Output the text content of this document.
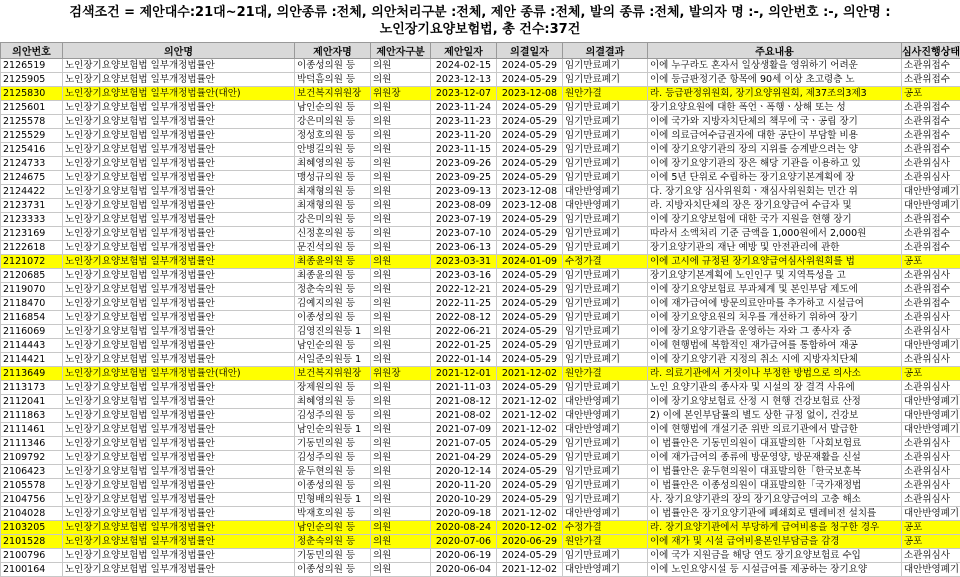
검색조건 = 제안대수:21대~21대, 의안종류 :전체, 의안처리구분 :전체, 제안 종류 :전체, 발의 종류 :전체, 발의자 명 :-, 의안번호 :-, 의안명 :
노인장기요양보험법, 총 건수:37건
의안번호	의안명	제안자명	제안자구분	제안일자	의결일자	의결결과	주요내용	심사진행상태
2126519	노인장기요양보험법 일부개정법률안	이종성의원 등	의원	2024-02-15	2024-05-29	임기만료폐기	이에 누구라도 혼자서 일상생활을 영위하기 어려운	소관위접수
2125905	노인장기요양보험법 일부개정법률안	박덕흠의원 등	의원	2023-12-13	2024-05-29	임기만료폐기	이에 등급판정기준 항목에 90세 이상 초고령층 노	소관위접수
2125830	노인장기요양보험법 일부개정법률안(대안)	보건복지위원장	위원장	2023-12-07	2023-12-08	원안가결	라. 등급판정위원회, 장기요양위원회, 제37조의3제3	공포
2125601	노인장기요양보험법 일부개정법률안	남인순의원 등	의원	2023-11-24	2024-05-29	임기만료폐기	장기요양요원에 대한 폭언ㆍ폭행ㆍ상해 또는 성	소관위접수
2125578	노인장기요양보험법 일부개정법률안	강은미의원 등	의원	2023-11-23	2024-05-29	임기만료폐기	이에 국가와 지방자치단체의 책무에 국ㆍ공립 장기	소관위접수
2125529	노인장기요양보험법 일부개정법률안	정성호의원 등	의원	2023-11-20	2024-05-29	임기만료폐기	이에 의료급여수급권자에 대한 공단이 부담할 비용	소관위접수
2125416	노인장기요양보험법 일부개정법률안	안병길의원 등	의원	2023-11-15	2024-05-29	임기만료폐기	이에 장기요양기관의 장의 지위를 승계받으려는 양	소관위접수
2124733	노인장기요양보험법 일부개정법률안	최혜영의원 등	의원	2023-09-26	2024-05-29	임기만료폐기	이에 장기요양기관의 장은 해당 기관을 이용하고 있	소관위심사
2124675	노인장기요양보험법 일부개정법률안	맹성규의원 등	의원	2023-09-25	2024-05-29	임기만료폐기	이에 5년 단위로 수립하는 장기요양기본계획에 장	소관위심사
2124422	노인장기요양보험법 일부개정법률안	최재형의원 등	의원	2023-09-13	2023-12-08	대안반영폐기	다. 장기요양 심사위원회ㆍ재심사위원회는 민간 위	대안반영폐기
2123731	노인장기요양보험법 일부개정법률안	최재형의원 등	의원	2023-08-09	2023-12-08	대안반영폐기	라. 지방자치단체의 장은 장기요양급여 수급자 및	대안반영폐기
2123333	노인장기요양보험법 일부개정법률안	강은미의원 등	의원	2023-07-19	2024-05-29	임기만료폐기	이에 장기요양보험에 대한 국가 지원을 현행 장기	소관위접수
2123169	노인장기요양보험법 일부개정법률안	신정훈의원 등	의원	2023-07-10	2024-05-29	임기만료폐기	따라서 소액처리 기준 금액을 1,000원에서 2,000원	소관위접수
2122618	노인장기요양보험법 일부개정법률안	문진석의원 등	의원	2023-06-13	2024-05-29	임기만료폐기	장기요양기관의 재난 예방 및 안전관리에 관한	소관위접수
2121072	노인장기요양보험법 일부개정법률안	최종윤의원 등	의원	2023-03-31	2024-01-09	수정가결	이에 고시에 규정된 장기요양급여심사위원회를 법	공포
2120685	노인장기요양보험법 일부개정법률안	최종윤의원 등	의원	2023-03-16	2024-05-29	임기만료폐기	장기요양기본계획에 노인인구 및 지역특성을 고	소관위심사
2119070	노인장기요양보험법 일부개정법률안	정춘숙의원 등	의원	2022-12-21	2024-05-29	임기만료폐기	이에 장기요양보험료 부과체계 및 본인부담 제도에	소관위접수
2118470	노인장기요양보험법 일부개정법률안	김예지의원 등	의원	2022-11-25	2024-05-29	임기만료폐기	이에 재가급여에 방문의료안마를 추가하고 시설급여	소관위접수
2116854	노인장기요양보험법 일부개정법률안	이종성의원 등	의원	2022-08-12	2024-05-29	임기만료폐기	이에 장기요양요원의 처우를 개선하기 위하여 장기	소관위심사
2116069	노인장기요양보험법 일부개정법률안	김영진의원등 1	의원	2022-06-21	2024-05-29	임기만료폐기	이에 장기요양기관을 운영하는 자와 그 종사자 중	소관위심사
2114443	노인장기요양보험법 일부개정법률안	남인순의원 등	의원	2022-01-25	2024-05-29	임기만료폐기	이에 현행법에 복합적인 재가급여를 통합하여 재공	대안반영폐기
2114421	노인장기요양보험법 일부개정법률안	서일준의원등 1	의원	2022-01-14	2024-05-29	임기만료폐기	이에 장기요양기관 지정의 취소 시에 지방자치단체	소관위심사
2113649	노인장기요양보험법 일부개정법률안(대안)	보건복지위원장	위원장	2021-12-01	2021-12-02	원안가결	라. 의료기관에서 거짓이나 부정한 방법으로 의사소	공포
2113173	노인장기요양보험법 일부개정법률안	장제원의원 등	의원	2021-11-03	2024-05-29	임기만료폐기	노인 요양기관의 종사자 및 시설의 장 결격 사유에	소관위심사
2112041	노인장기요양보험법 일부개정법률안	최혜영의원 등	의원	2021-08-12	2021-12-02	대안반영폐기	이에 장기요양보험료 산정 시 현행 건강보험료 산정	대안반영폐기
2111863	노인장기요양보험법 일부개정법률안	김성주의원 등	의원	2021-08-02	2021-12-02	대안반영폐기	2) 이에 본인부담률의 별도 상한 규정 없이, 건강보	대안반영폐기
2111461	노인장기요양보험법 일부개정법률안	남인순의원등 1	의원	2021-07-09	2021-12-02	대안반영폐기	이에 현행법에 개설기준 위반 의료기관에서 발급한	대안반영폐기
2111346	노인장기요양보험법 일부개정법률안	기동민의원 등	의원	2021-07-05	2024-05-29	임기만료폐기	이 법률안은 기동민의원이 대표발의한「사회보험료	소관위심사
2109792	노인장기요양보험법 일부개정법률안	김성주의원 등	의원	2021-04-29	2024-05-29	임기만료폐기	이에 재가급여의 종류에 방문영양, 방문재활을 신설	소관위심사
2106423	노인장기요양보험법 일부개정법률안	윤두현의원 등	의원	2020-12-14	2024-05-29	임기만료폐기	이 법률안은 윤두현의원이 대표발의한「한국보훈복	소관위심사
2105578	노인장기요양보험법 일부개정법률안	이종성의원 등	의원	2020-11-20	2024-05-29	임기만료폐기	이 법률안은 이종성의원이 대표발의한「국가재정법	소관위심사
2104756	노인장기요양보험법 일부개정법률안	민형배의원등 1	의원	2020-10-29	2024-05-29	임기만료폐기	사. 장기요양기관의 장의 장기요양급여의 고충 해소	소관위심사
2104028	노인장기요양보험법 일부개정법률안	박재호의원 등	의원	2020-09-18	2021-12-02	대안반영폐기	이 법률안은 장기요양기관에 폐쇄회로 텔레비전 설치를	대안반영폐기
2103205	노인장기요양보험법 일부개정법률안	남인순의원 등	의원	2020-08-24	2020-12-02	수정가결	라. 장기요양기관에서 부당하게 급여비용을 청구한 경우	공포
2101528	노인장기요양보험법 일부개정법률안	정춘숙의원 등	의원	2020-07-06	2020-06-29	원안가결	이에 재가 및 시설 급여비용본인부담금을 감경	공포
2100796	노인장기요양보험법 일부개정법률안	기동민의원 등	의원	2020-06-19	2024-05-29	임기만료폐기	이에 국가 지원금을 해당 연도 장기요양보험료 수입	소관위심사
2100164	노인장기요양보험법 일부개정법률안	이종성의원 등	의원	2020-06-04	2021-12-02	대안반영폐기	이에 노인요양시설 등 시설급여를 제공하는 장기요양	대안반영폐기
